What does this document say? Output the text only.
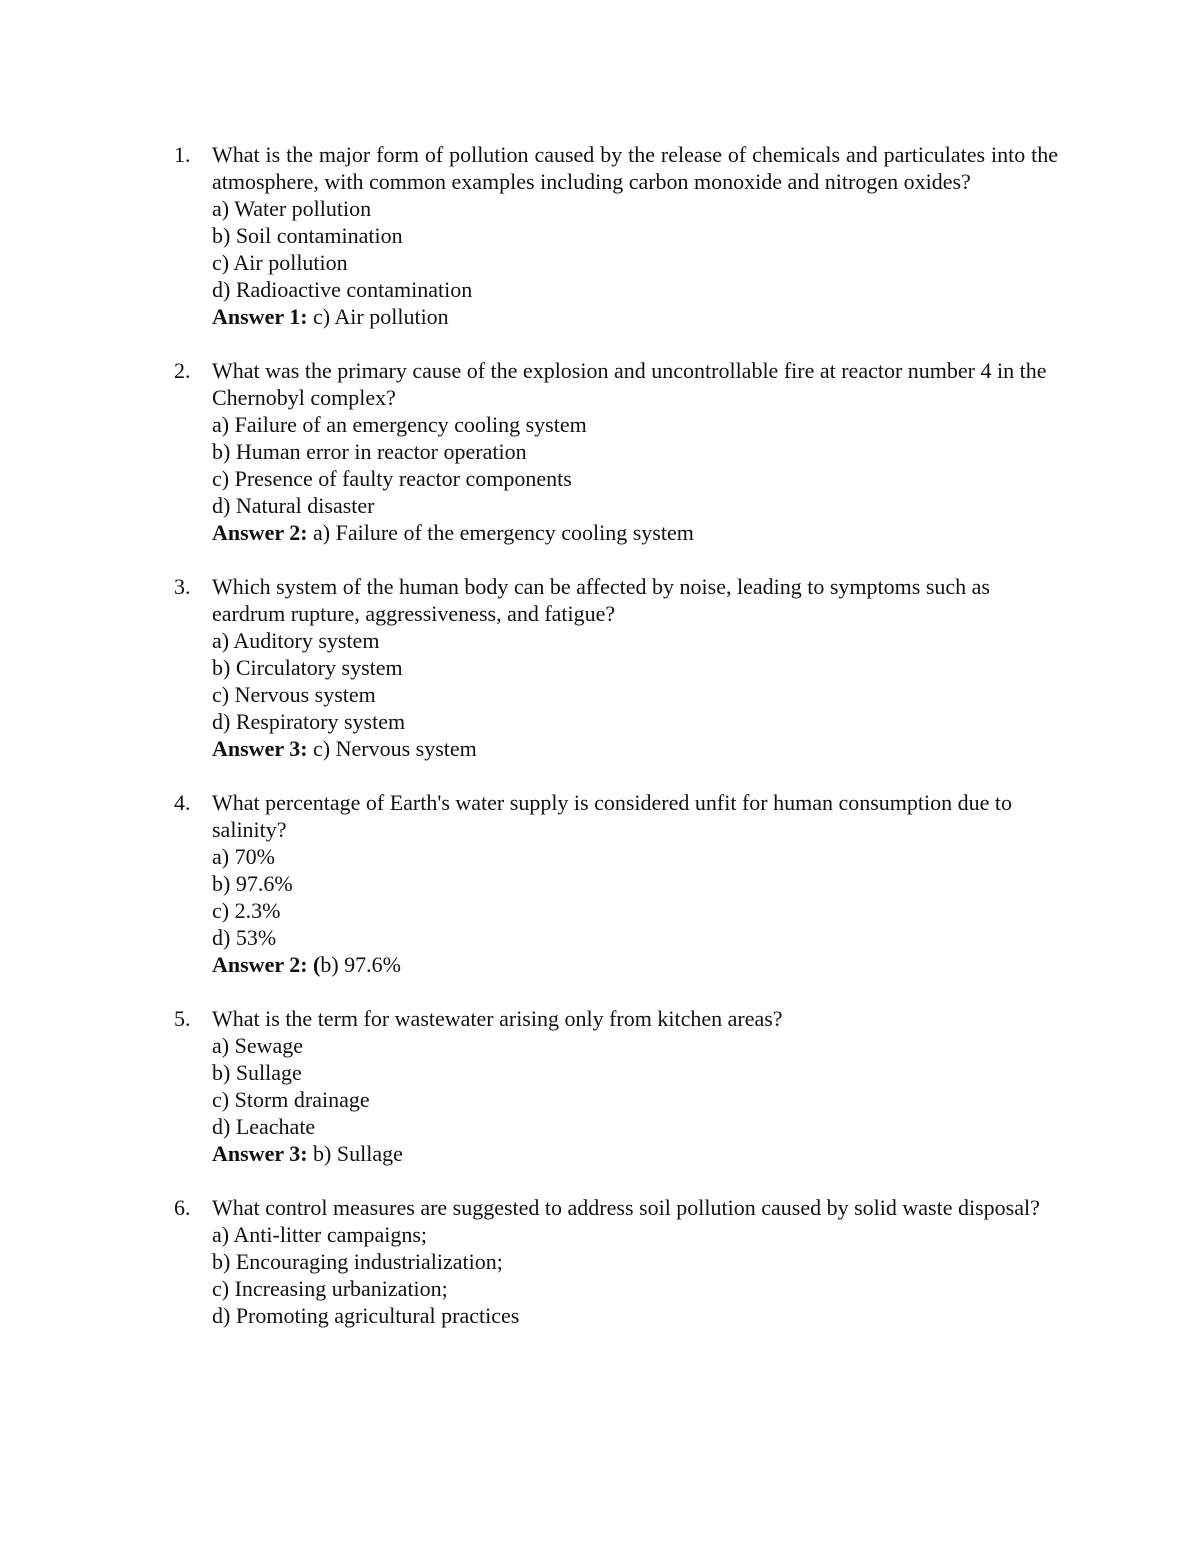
1. What is the major form of pollution caused by the release of chemicals and particulates into the atmosphere, with common examples including carbon monoxide and nitrogen oxides?

a) Water pollution
b) Soil contamination
c) Air pollution
d) Radioactive contamination
Answer 1: c) Air pollution
2. What was the primary cause of the explosion and uncontrollable fire at reactor number 4 in the Chernobyl complex?

a) Failure of an emergency cooling system
b) Human error in reactor operation
c) Presence of faulty reactor components
d) Natural disaster
Answer 2: a) Failure of the emergency cooling system
3. Which system of the human body can be affected by noise, leading to symptoms such as eardrum rupture, aggressiveness, and fatigue?

a) Auditory system
b) Circulatory system
c) Nervous system
d) Respiratory system
Answer 3: c) Nervous system
4. What percentage of Earth's water supply is considered unfit for human consumption due to salinity?

a) 70%
b) 97.6%
c) 2.3%
d) 53%
Answer 2: (b) 97.6%
5. What is the term for wastewater arising only from kitchen areas?

a) Sewage
b) Sullage
c) Storm drainage
d) Leachate
Answer 3: b) Sullage
6. What control measures are suggested to address soil pollution caused by solid waste disposal?

a) Anti-litter campaigns;
b) Encouraging industrialization;
c) Increasing urbanization;
d) Promoting agricultural practices
